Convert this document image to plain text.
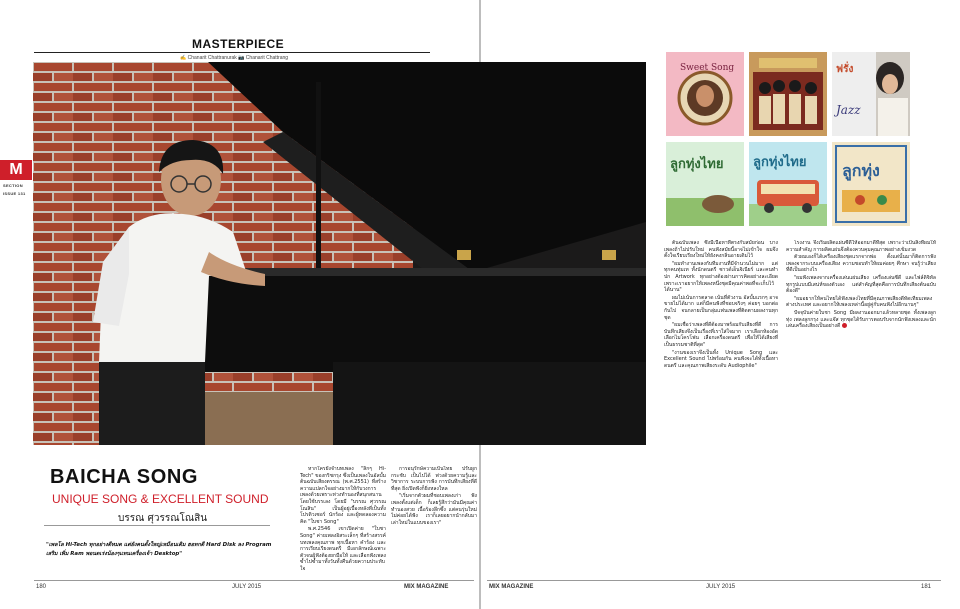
MASTERPIECE
✍ Chanarit Chattranurak 📷 Chanarit Chattrang
M
SECTION
ISSUE 131
BAICHA SONG
UNIQUE SONG & EXCELLENT SOUND
บรรณ ศุวรรณโณสิน
"เพลโล Hi-Tech ทุกอย่างดีหมด แต่ยังคนตั้งใหญ่เหมือนเดิม ฮอทกดี Hard Disk ลง Program เสริม เพิ่ม Ram พอนดเร่งน้องๆแทนเครื่องเจ้า Desktop"

หากใครยังจำบทเพลง "ลิกๆ Hi-Tech" ของกริชกรุง ซึ่งเป็นเพลงในอัลบั้ม ต้นฉบับเสียงตรรณ (พ.ศ.2551) ที่สร้างความแปลกใจอย่างมากให้กับวงการเพลงด้วยเพราะท่วงทำนองที่สนุกสนาน โดยใช้บรรเลง โดยมี "บรรณ ศุวรรณโณสิน" เป็นผู้อยู่เบื้องหลังที่เป็นทั้งโปรดิวเซอร์ นักร้อง และผู้ทดลองความคิด "ใบชา Song"

พ.ศ.2546 เขาเปิดค่าย "ใบชา Song" ค่ายเพลงอิสระเล็กๆ ที่สร้างสรรค์บทเพลงคุณภาพ ทุกเนื้อหา คำร้อง และการเรียบเรียงดนตรี มีเอกลักษณ์เฉพาะตัวจนผู้ฟังต้องยกมือให้ และเลือกฟังเพลงซ้ำไปซ้ำมาทั้งวันทั้งคืนด้วยความประทับใจ

การอนุรักษ์ความเป็นไทย ปรับผูกกระชับ เป็นไปได้ พ่วงด้วยความรู้และวิชาการ ระบบการฟัง การบันทึกเสียงที่ดีที่สุด ยิ่งเปิดฟังก็ยิ่งหลงใหล

"เริ่มจากตัวผมที่ชอบเพลงเก่า ฟังเพลงตั้งแต่เด็ก ก็เลยรู้สึกว่ามันมีคุณค่า ทำนองสวย เนื้อร้องลึกซึ้ง แต่คนรุ่นใหม่ไม่ค่อยได้ฟัง เราก็เลยอยากนำกลับมาเล่าใหม่ในแบบของเรา"

180	JULY 2015	MIX MAGAZINE

ต้นฉบับเพลง ซึ่งมีเนื้อหาที่ตรงกับสมัยก่อน บางเพลงถ้าไม่ปรับใหม่ คนฟังสมัยนี้อาจไม่เข้าใจ ผมจึงตั้งใจเรียบเรียงใหม่ให้ยังคงกลิ่นอายเดิมไว้

"ผมทำงานเพลงกับทีมงานที่มีจำนวนไม่มาก แต่ทุกคนทุ่มเท ทั้งนักดนตรี ซาวด์เอ็นจิเนียร์ และคนทำปก Artwork ทุกอย่างต้องผ่านการคิดอย่างละเอียด เพราะเราอยากให้เพลงหนึ่งชุดมีคุณค่าพอที่จะเก็บไว้ได้นาน"

ผมไม่เน้นการตลาด เน้นที่ตัวงาน อัลบั้มแรกๆ อาจขายไม่ได้มาก แต่ก็มีคนฟังที่ชอบจริงๆ ค่อยๆ บอกต่อกันไป จนกลายเป็นกลุ่มแฟนเพลงที่ติดตามผลงานทุกชุด

"ผมเชื่อว่าเพลงที่ดีต้องมาพร้อมกับเสียงที่ดี การบันทึกเสียงจึงเป็นเรื่องที่เราใส่ใจมาก เราเลือกห้องอัด เลือกไมโครโฟน เลือกเครื่องดนตรี เพื่อให้ได้เสียงที่เป็นธรรมชาติที่สุด"

"งานของเราจึงเป็นทั้ง Unique Song และ Excellent Sound ไปพร้อมกัน คนฟังจะได้ทั้งเนื้อหาดนตรี และคุณภาพเสียงระดับ Audiophile"

โรงงาน จึงเริ่มผลิตแผ่นซีดีให้ออกมาดีที่สุด เพราะว่าเป็นสิ่งที่ผมให้ความสำคัญ การผลิตแผ่นจึงต้องควบคุมคุณภาพอย่างเข้มงวด

ตัวผมเองก็ได้เครื่องเสียงชุดแรกจากพ่อ ตั้งแต่นั้นมาก็ติดการฟังเพลงจากระบบเครื่องเสียง ความชอบทำให้ผมค่อยๆ ศึกษา จนรู้ว่าเสียงที่ดีเป็นอย่างไร

"ผมฟังเพลงจากเครื่องเล่นแผ่นเสียง เครื่องเล่นซีดี และไฟล์ดิจิทัล ทุกรูปแบบมีเสน่ห์ของตัวเอง แต่สำคัญที่สุดคือการบันทึกเสียงต้นฉบับต้องดี"

"ผมอยากให้คนไทยได้ฟังเพลงไทยที่มีคุณภาพเสียงดีทัดเทียมเพลงต่างประเทศ และอยากให้เพลงเหล่านี้อยู่คู่กับคนฟังไปอีกนานๆ"

ปัจจุบันค่ายใบชา Song มีผลงานออกมาแล้วหลายชุด ทั้งเพลงลูกทุ่ง เพลงลูกกรุง และแจ๊ส ทุกชุดได้รับการตอบรับจากนักฟังเพลงและนักเล่นเครื่องเสียงเป็นอย่างดี

MIX MAGAZINE	JULY 2015	181
Sweet Song	ฟรั่ง
Jazz
ลูกทุ่งไทย ลูกทุ่งไทย ลูกทุ่ง
